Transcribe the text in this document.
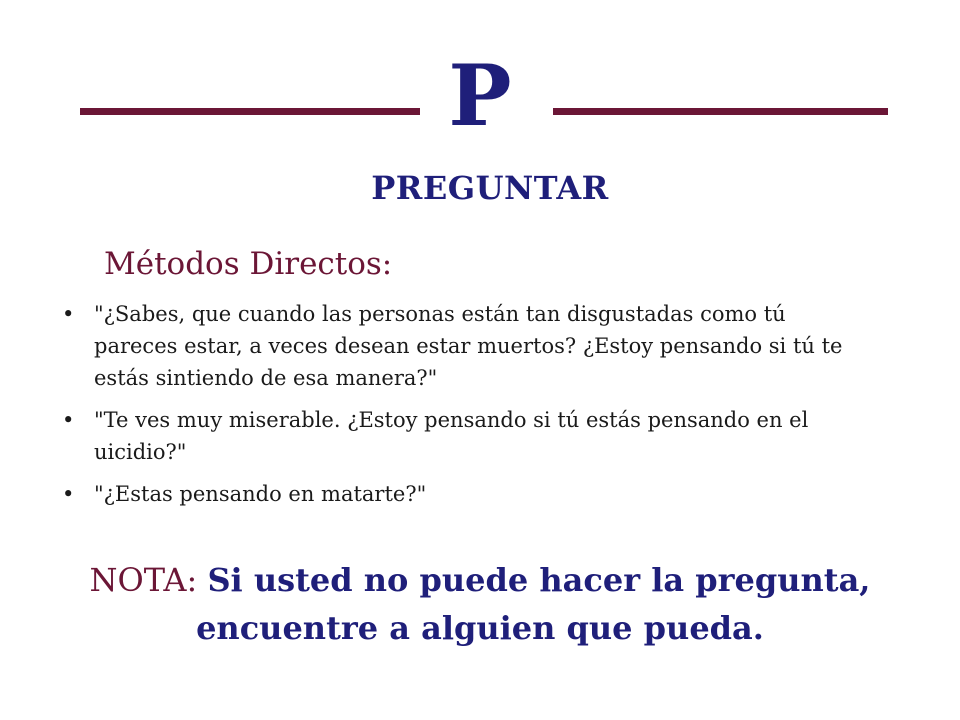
P
PREGUNTAR
Métodos Directos:
• "¿Sabes, que cuando las personas están tan disgustadas como tú pareces estar, a veces desean estar muertos? ¿Estoy pensando si tú te estás sintiendo de esa manera?"
• "Te ves muy miserable. ¿Estoy pensando si tú estás pensando en el uicidio?"
• "¿Estas pensando en matarte?"
NOTA: Si usted no puede hacer la pregunta, encuentre a alguien que pueda.
